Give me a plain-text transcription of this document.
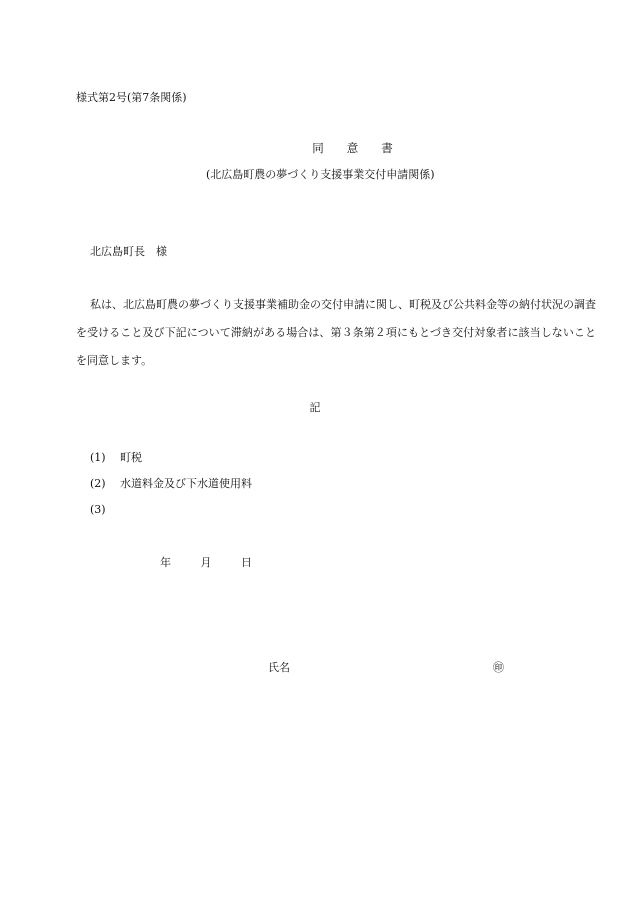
様式第2号(第7条関係)
同　　意　　書
(北広島町農の夢づくり支援事業交付申請関係)
北広島町長　様
私は、北広島町農の夢づくり支援事業補助金の交付申請に関し、町税及び公共料金等の納付状況の調査を受けること及び下記について滞納がある場合は、第３条第２項にもとづき交付対象者に該当しないことを同意します。
記
(1) 町税
(2) 水道料金及び下水道使用料
(3)
年	月	日
氏名	㊞
